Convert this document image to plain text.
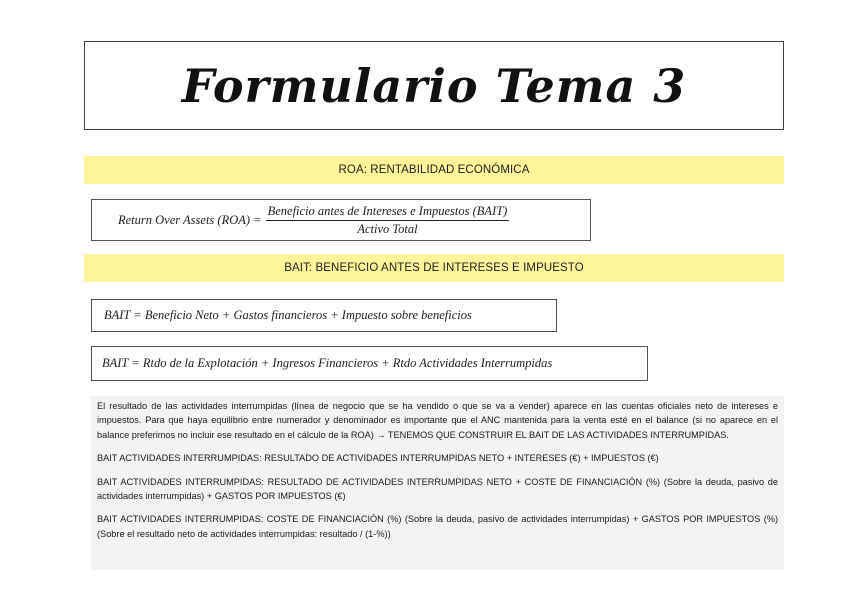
Formulario Tema 3
ROA: RENTABILIDAD ECONÓMICA
Return Over Assets $(ROA) = \frac{\text{Beneficio antes de Intereses e Impuestos (BAIT)}}{\text{Activo Total}}$
BAIT: BENEFICIO ANTES DE INTERESES E IMPUESTO
BAIT = Beneficio Neto + Gastos financieros + Impuesto sobre beneficios
BAIT = Rtdo de la Explotación + Ingresos Financieros + Rtdo Actividades Interrumpidas

El resultado de las actividades interrumpidas (línea de negocio que se ha vendido o que se va a vender) aparece en las cuentas oficiales neto de intereses e impuestos. Para que haya equilibrio entre numerador y denominador es importante que el ANC mantenida para la venta esté en el balance (si no aparece en el balance preferimos no incluir ese resultado en el cálculo de la ROA) → TENEMOS QUE CONSTRUIR EL BAIT DE LAS ACTIVIDADES INTERRUMPIDAS.

BAIT ACTIVIDADES INTERRUMPIDAS: RESULTADO DE ACTIVIDADES INTERRUMPIDAS NETO + INTERESES (€) + IMPUESTOS (€)

BAIT ACTIVIDADES INTERRUMPIDAS: RESULTADO DE ACTIVIDADES INTERRUMPIDAS NETO + COSTE DE FINANCIACIÓN (%) (Sobre la deuda, pasivo de actividades interrumpidas) + GASTOS POR IMPUESTOS (€)

BAIT ACTIVIDADES INTERRUMPIDAS: COSTE DE FINANCIACIÓN (%) (Sobre la deuda, pasivo de actividades interrumpidas) + GASTOS POR IMPUESTOS (%) (Sobre el resultado neto de actividades interrumpidas: resultado / (1-%))
